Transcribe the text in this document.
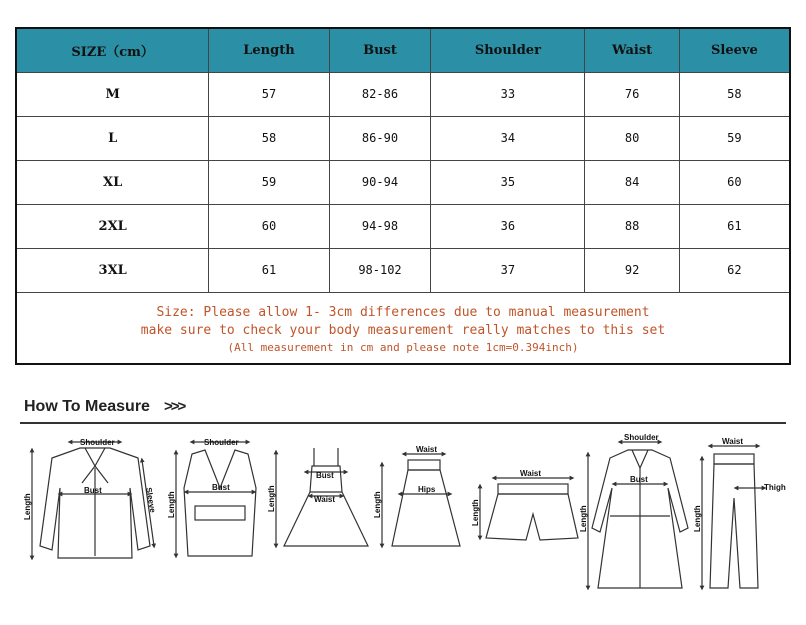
SIZE（cm）	Length	Bust	Shoulder	Waist	Sleeve
M	57	82-86	33	76	58
L	58	86-90	34	80	59
XL	59	90-94	35	84	60
2XL	60	94-98	36	88	61
3XL	61	98-102	37	92	62

Size: Please allow 1- 3cm differences due to manual measurement
make sure to check your body measurement really matches to this set
(All measurement in cm and please note 1cm=0.394inch)					
How To Measure >>>
Shoulder
Bust
Length	Sleeve
Shoulder
Bust
Length
Bust
Waist
Length
Waist
Hips
Length
Waist
Length
Shoulder
Bust
Length
Waist
Thigh
Length
